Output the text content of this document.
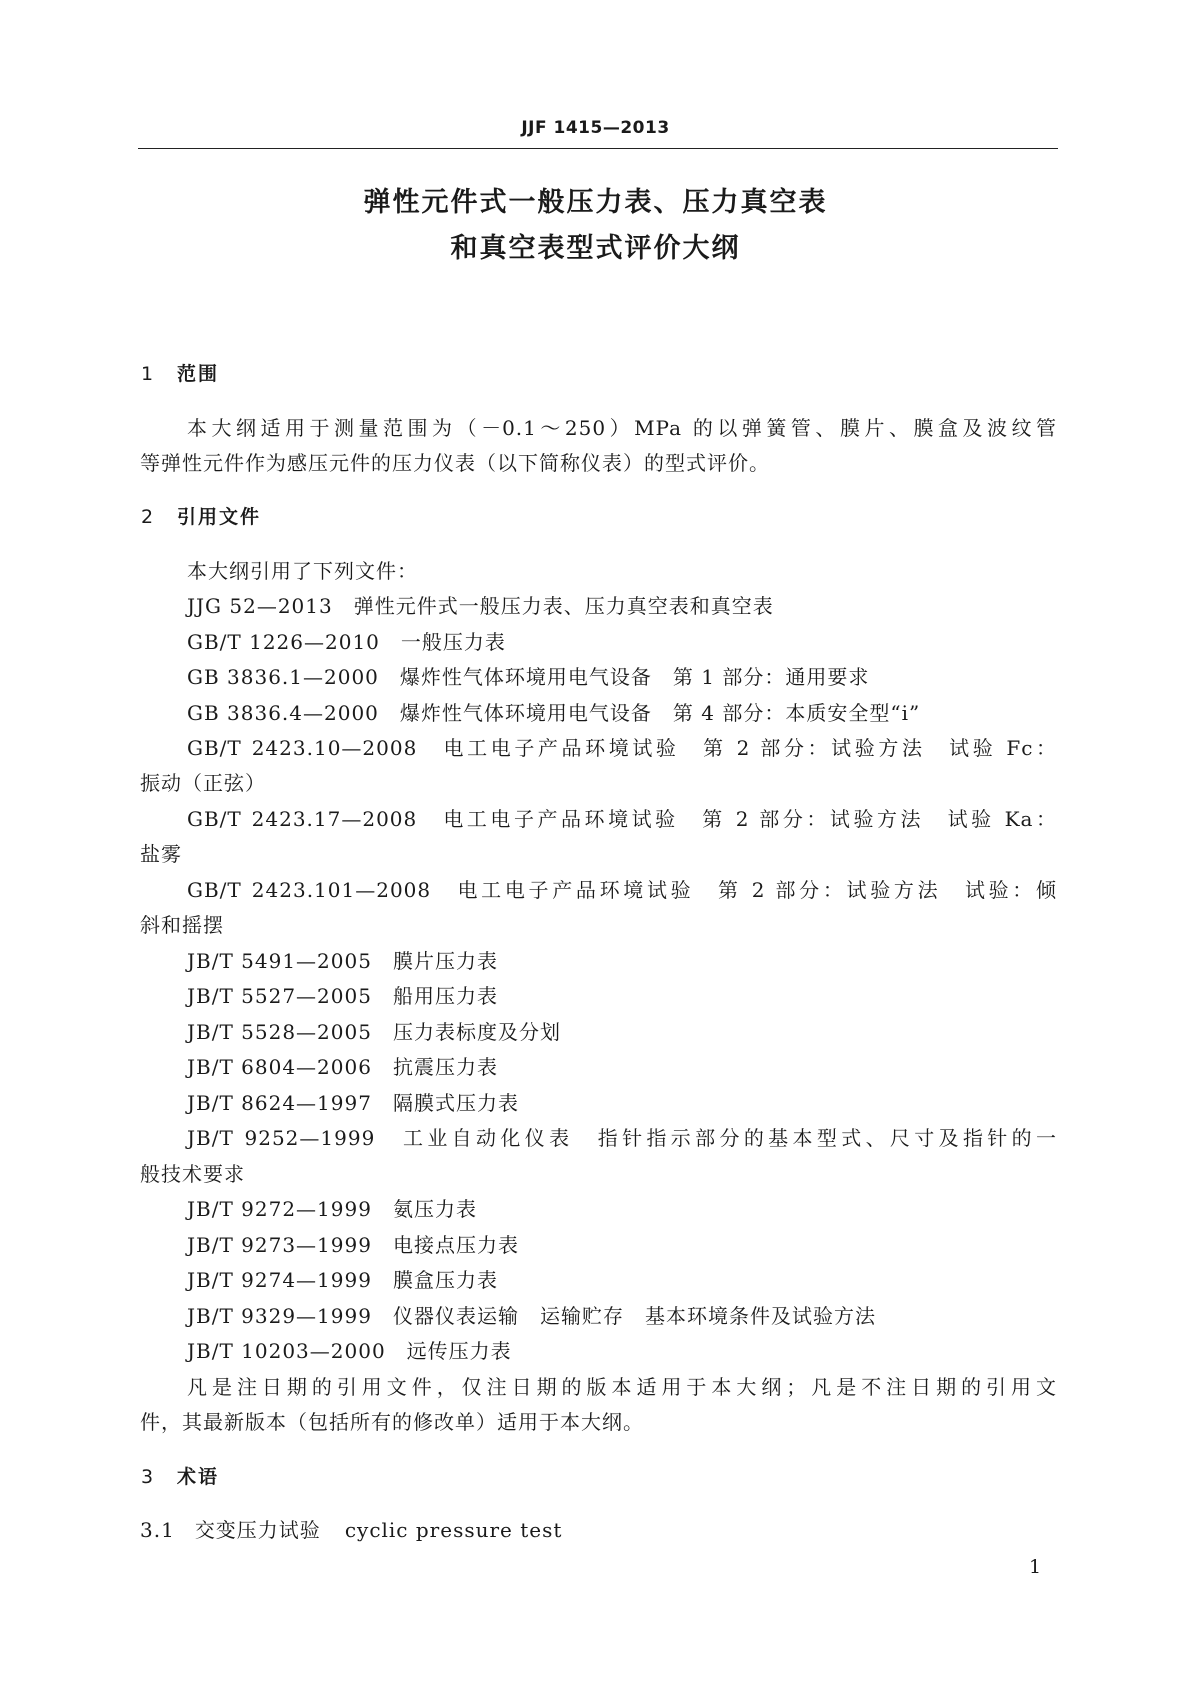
JJF 1415—2013
弹性元件式一般压力表、压力真空表
和真空表型式评价大纲
1 范围
本大纲适用于测量范围为（－0.1～250）MPa 的以弹簧管、膜片、膜盒及波纹管
等弹性元件作为感压元件的压力仪表（以下简称仪表）的型式评价。
2 引用文件
本大纲引用了下列文件：
JJG 52—2013　弹性元件式一般压力表、压力真空表和真空表
GB/T 1226—2010　一般压力表
GB 3836.1—2000　爆炸性气体环境用电气设备　第 1 部分：通用要求
GB 3836.4—2000　爆炸性气体环境用电气设备　第 4 部分：本质安全型“i”
GB/T 2423.10—2008　电工电子产品环境试验　第 2 部分：试验方法　试验 Fc：
振动（正弦）
GB/T 2423.17—2008　电工电子产品环境试验　第 2 部分：试验方法　试验 Ka：
盐雾
GB/T 2423.101—2008　电工电子产品环境试验　第 2 部分：试验方法　试验：倾
斜和摇摆
JB/T 5491—2005　膜片压力表
JB/T 5527—2005　船用压力表
JB/T 5528—2005　压力表标度及分划
JB/T 6804—2006　抗震压力表
JB/T 8624—1997　隔膜式压力表
JB/T 9252—1999　工业自动化仪表　指针指示部分的基本型式、尺寸及指针的一
般技术要求
JB/T 9272—1999　氨压力表
JB/T 9273—1999　电接点压力表
JB/T 9274—1999　膜盒压力表
JB/T 9329—1999　仪器仪表运输　运输贮存　基本环境条件及试验方法
JB/T 10203—2000　远传压力表
凡是注日期的引用文件，仅注日期的版本适用于本大纲；凡是不注日期的引用文
件，其最新版本（包括所有的修改单）适用于本大纲。
3 术语
3.1 交变压力试验 cyclic pressure test
1
